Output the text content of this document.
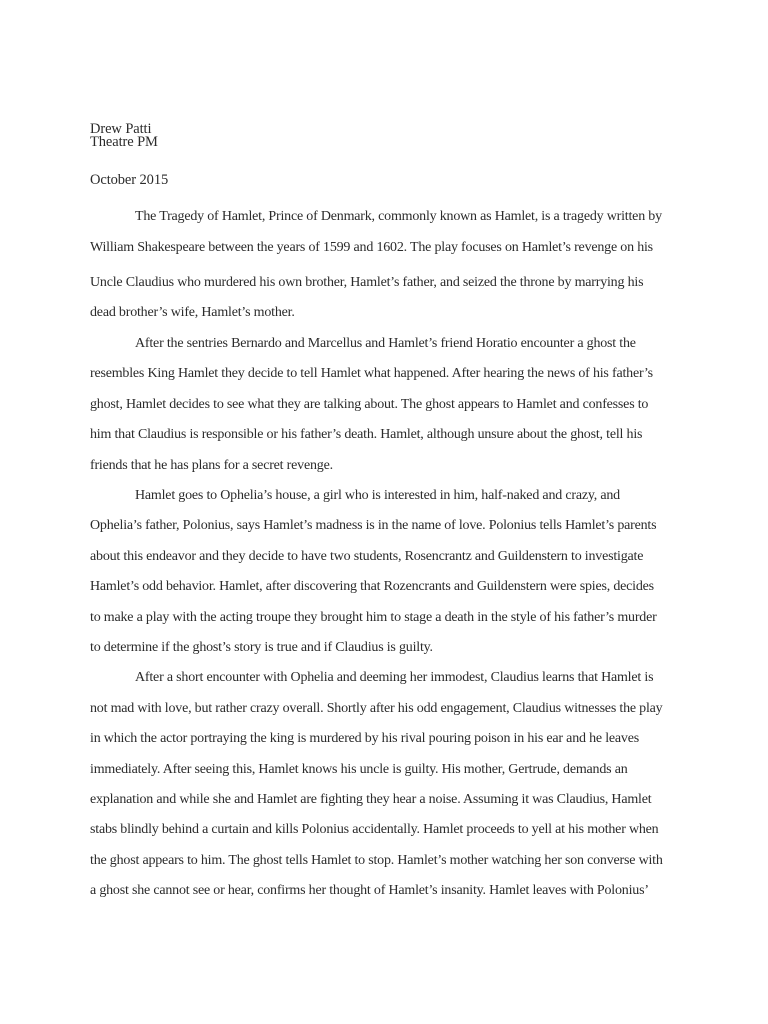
Drew Patti
Theatre PM
October 2015
The Tragedy of Hamlet, Prince of Denmark, commonly known as Hamlet, is a tragedy written by
William Shakespeare between the years of 1599 and 1602. The play focuses on Hamlet’s revenge on his
Uncle Claudius who murdered his own brother, Hamlet’s father, and seized the throne by marrying his
dead brother’s wife, Hamlet’s mother.
After the sentries Bernardo and Marcellus and Hamlet’s friend Horatio encounter a ghost the
resembles King Hamlet they decide to tell Hamlet what happened. After hearing the news of his father’s
ghost, Hamlet decides to see what they are talking about. The ghost appears to Hamlet and confesses to
him that Claudius is responsible or his father’s death. Hamlet, although unsure about the ghost, tell his
friends that he has plans for a secret revenge.
Hamlet goes to Ophelia’s house, a girl who is interested in him, half-naked and crazy, and
Ophelia’s father, Polonius, says Hamlet’s madness is in the name of love. Polonius tells Hamlet’s parents
about this endeavor and they decide to have two students, Rosencrantz and Guildenstern to investigate
Hamlet’s odd behavior. Hamlet, after discovering that Rozencrants and Guildenstern were spies, decides
to make a play with the acting troupe they brought him to stage a death in the style of his father’s murder
to determine if the ghost’s story is true and if Claudius is guilty.
After a short encounter with Ophelia and deeming her immodest, Claudius learns that Hamlet is
not mad with love, but rather crazy overall. Shortly after his odd engagement, Claudius witnesses the play
in which the actor portraying the king is murdered by his rival pouring poison in his ear and he leaves
immediately. After seeing this, Hamlet knows his uncle is guilty. His mother, Gertrude, demands an
explanation and while she and Hamlet are fighting they hear a noise. Assuming it was Claudius, Hamlet
stabs blindly behind a curtain and kills Polonius accidentally. Hamlet proceeds to yell at his mother when
the ghost appears to him. The ghost tells Hamlet to stop. Hamlet’s mother watching her son converse with
a ghost she cannot see or hear, confirms her thought of Hamlet’s insanity. Hamlet leaves with Polonius’
